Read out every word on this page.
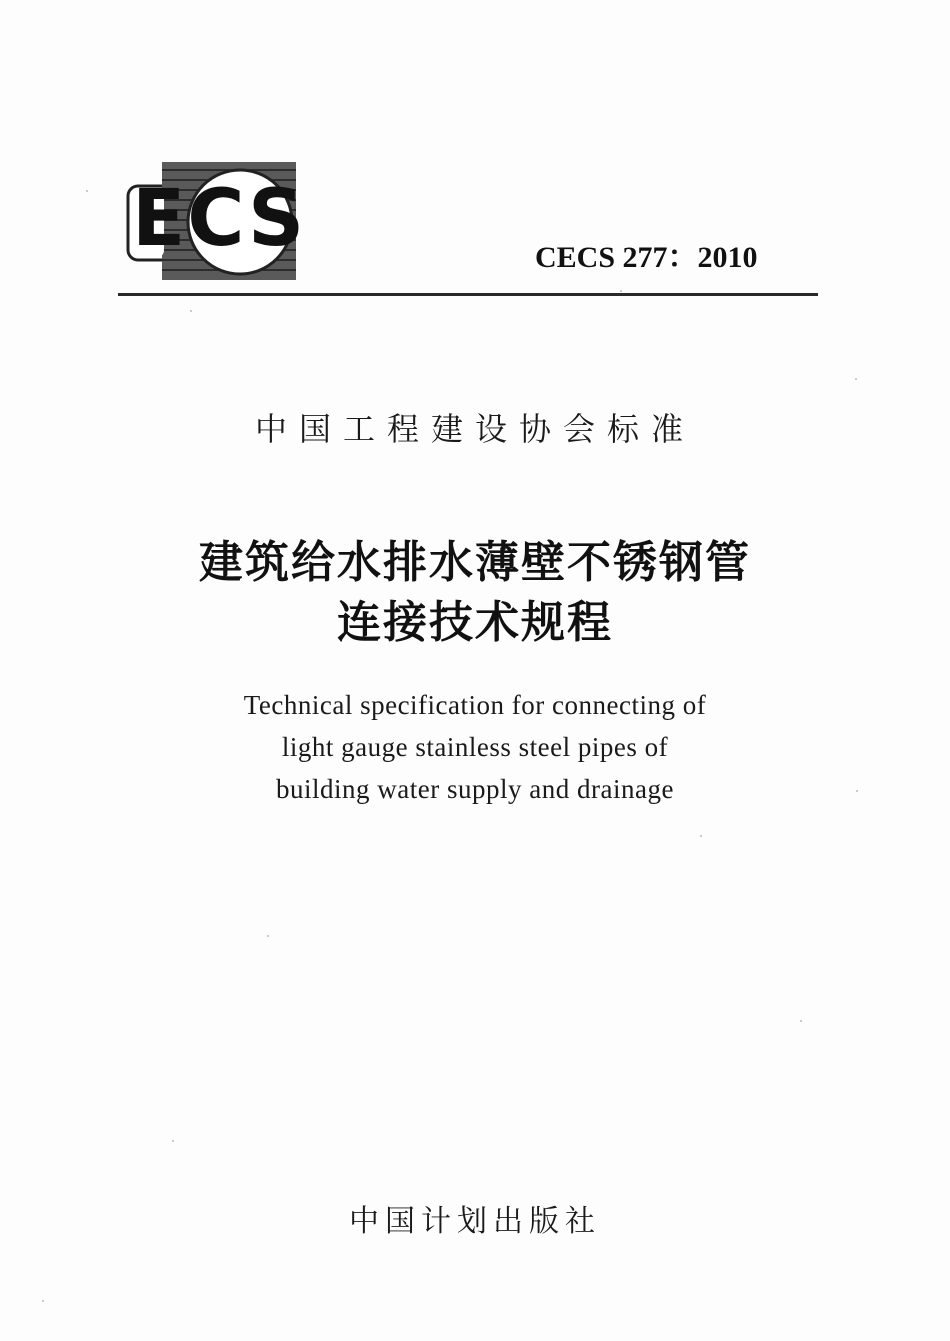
ECS	CECS 277：2010
中国工程建设协会标准
建筑给水排水薄壁不锈钢管
连接技术规程
Technical specification for connecting of
light gauge stainless steel pipes of
building water supply and drainage
中国计划出版社
